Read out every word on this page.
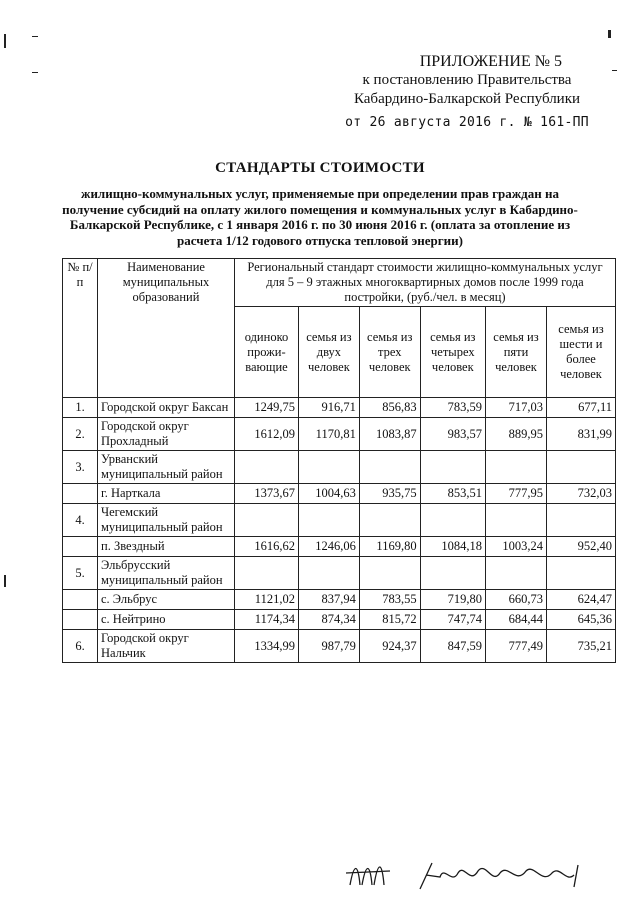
ПРИЛОЖЕНИЕ № 5
к постановлению Правительства
Кабардино-Балкарской Республики
от 26 августа 2016 г. № 161-ПП
СТАНДАРТЫ СТОИМОСТИ
жилищно-коммунальных услуг, применяемые при определении прав граждан на получение субсидий на оплату жилого помещения и коммунальных услуг в Кабардино-Балкарской Республике, с 1 января 2016 г. по 30 июня 2016 г. (оплата за отопление из расчета 1/12 годового отпуска тепловой энергии)
№ п/п	Наименование муниципальных образований	Региональный стандарт стоимости жилищно-коммунальных услуг для 5 – 9 этажных многоквартирных домов после 1999 года постройки, (руб./чел. в месяц)					
		одиноко прожи-вающие	семья из двух человек	семья из трех человек	семья из четырех человек	семья из пяти человек	семья из шести и более человек
1.	Городской округ Баксан	1249,75	916,71	856,83	783,59	717,03	677,11
2.	Городской округ Прохладный	1612,09	1170,81	1083,87	983,57	889,95	831,99
3.	Урванский муниципальный район						
	г. Нарткала	1373,67	1004,63	935,75	853,51	777,95	732,03
4.	Чегемский муниципальный район						
	п. Звездный	1616,62	1246,06	1169,80	1084,18	1003,24	952,40
5.	Эльбрусский муниципальный район						
	с. Эльбрус	1121,02	837,94	783,55	719,80	660,73	624,47
	с. Нейтрино	1174,34	874,34	815,72	747,74	684,44	645,36
6.	Городской округ Нальчик	1334,99	987,79	924,37	847,59	777,49	735,21
